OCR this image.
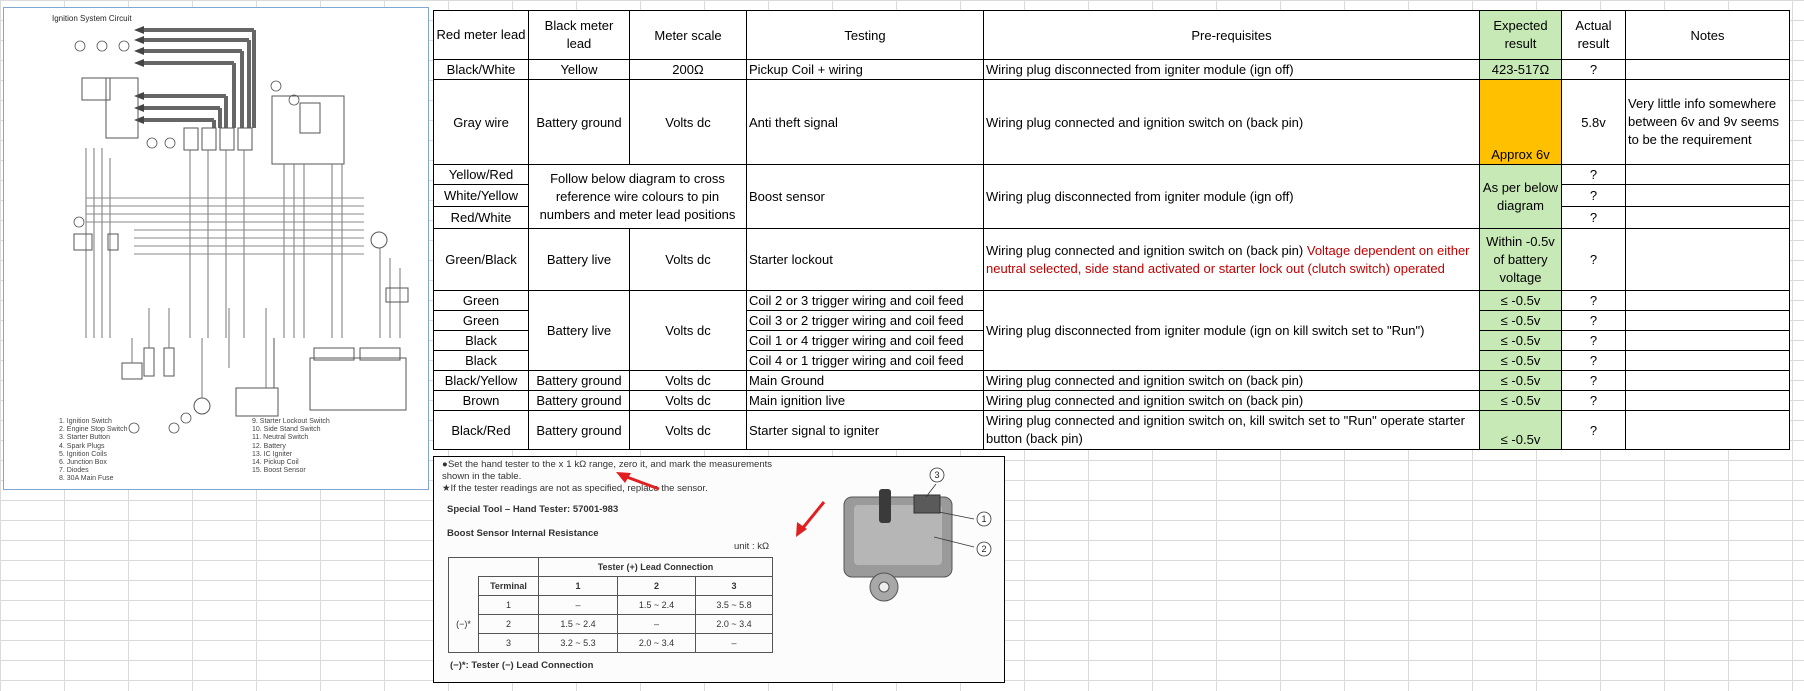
Ignition System Circuit
1. Ignition Switch
2. Engine Stop Switch
3. Starter Button
4. Spark Plugs
5. Ignition Coils
6. Junction Box
7. Diodes
8. 30A Main Fuse
9. Starter Lockout Switch
10. Side Stand Switch
11. Neutral Switch
12. Battery
13. IC Igniter
14. Pickup Coil
15. Boost Sensor
Red meter lead	Black meter lead	Meter scale	Testing	Pre-requisites	Expected result	Actual result	Notes
Black/White	Yellow	200Ω	Pickup Coil + wiring	Wiring plug disconnected from igniter module (ign off)	423-517Ω	?	
Gray wire	Battery ground	Volts dc	Anti theft signal	Wiring plug connected and ignition switch on (back pin)	Approx 6v	5.8v	Very little info somewhere between 6v and 9v seems to be the requirement
Yellow/Red	Follow below diagram to cross reference wire colours to pin numbers and meter lead positions		Boost sensor	Wiring plug disconnected from igniter module (ign off)	As per below diagram	?	
White/Yellow						?	
Red/White						?	
Green/Black	Battery live	Volts dc	Starter lockout	Wiring plug connected and ignition switch on (back pin) Voltage dependent on either neutral selected, side stand activated or starter lock out (clutch switch) operated	Within -0.5v of battery voltage	?	
Green	Battery live	Volts dc	Coil 2 or 3 trigger wiring and coil feed	Wiring plug disconnected from igniter module (ign on kill switch set to "Run")	≤ -0.5v	?	
Green			Coil 3 or 2 trigger wiring and coil feed		≤ -0.5v	?	
Black			Coil 1 or 4 trigger wiring and coil feed		≤ -0.5v	?	
Black			Coil 4 or 1 trigger wiring and coil feed		≤ -0.5v	?	
Black/Yellow	Battery ground	Volts dc	Main Ground	Wiring plug connected and ignition switch on (back pin)	≤ -0.5v	?	
Brown	Battery ground	Volts dc	Main ignition live	Wiring plug connected and ignition switch on (back pin)	≤ -0.5v	?	
Black/Red	Battery ground	Volts dc	Starter signal to igniter	Wiring plug connected and ignition switch on, kill switch set to "Run" operate starter button (back pin)	≤ -0.5v	?	
●Set the hand tester to the x 1 kΩ range, zero it, and mark the measurements shown in the table.
★If the tester readings are not as specified, replace the sensor.
Special Tool – Hand Tester: 57001-983
Boost Sensor Internal Resistance
unit : kΩ
		Tester (+) Lead Connection		
	Terminal	1	2	3
(−)*	1	–	1.5 ~ 2.4	3.5 ~ 5.8
	2	1.5 ~ 2.4	–	2.0 ~ 3.4
	3	3.2 ~ 5.3	2.0 ~ 3.4	–
(−)*: Tester (−) Lead Connection
1
2
3
